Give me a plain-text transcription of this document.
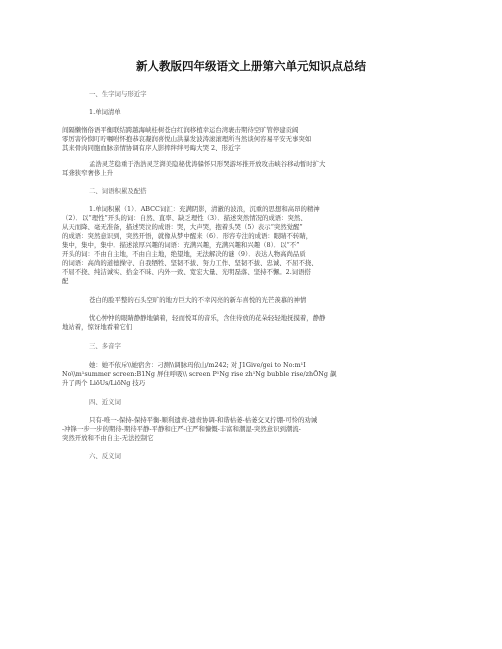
新人教版四年级语文上册第六单元知识点总结
一、生字词与形近字
1.单词清单
间隔懒惰俗语平衡联结跨越海峡桂树苍白红润移植幸运台湾裹击期待空旷管停建贡阔
零厉害怜悯叮咛嘱咐怀抱恭哀凝润喜悦山洪暴发波涛滚滚理所当然谈何容易平安无事突如
其来骨肉同胞血脉亲情协调有序人影摔绊绊号晦大哭 2、形近字
孟浩灵芝稳重于浩浩灵芝湃美隐秘优涛躲怀只形哭游坏推开放攻击峡谷移动暂时扩大
耳聋狭窄奢侈上升
二、词语积累及配搭
1.单词积累（1）．ABCC词汇：充满阴影，清澈的波浪，沉重的思想和高昂的精神
（2）．以“理性”开头的词：自然、直率、缺乏理性（3）．描述突然情况的成语：突然、
从天而降、毫无准备，描述哭泣的成语：哭，大声哭，抱着头哭（5）表示“突然觉醒”
的成语：突然意识到，突然开悟，就像从梦中醒来（6）．形容专注的成语：眼睛不转睛，
集中，集中，集中．描述浓厚兴趣的词语：充满兴趣，充满兴趣和兴趣（8）．以“不”
开头的词：不由自主地，不由自主地，绝望地，无法解决的谜（9）．表达人物高尚品质
的词语：高尚的道德操守、自我牺牲、坚韧不拔、努力工作、坚韧不拔、忠诚、不屈不挠、
不屈不挠、纯洁诚实、拾金不昧、内外一致、宽宏大量、光明磊落、坚持不懈。2.词语搭
配
苍白的脸平整的石头空旷的地方巨大的不幸闪亮的新车喜悦的光芒羡慕的神情
忧心忡忡的眼睛静静地躺着，轻而悦耳的音乐，含住待放的花朵轻轻地抚摸着，静静
地站着，惊讶地看着它们
三、多音字
她：她不依斥\\她宿舍：刁测\\调脉玛依山/m242; 对 J1Give/gei to No:m¹I
No\\m¹summer screen:B1Ng 屏住呼吸\\ screen P¹Ng rise zh¹Ng bubble rise/zhŌNg 飙
升了两个 LiōUs/LiōNg 技巧
四、近义词
只有-唯一-保持-保持平衡-顺利遗责-遗责协调-和谐枯萎-枯萎交叉拧绷-可怜的劝诫
-冲锋一步一步的期待-期待平静-平静和庄严-庄严和慷慨-丰富和潮湿-突然意识到潮流-
突然开放和不由自主-无法控制它
六、反义词
